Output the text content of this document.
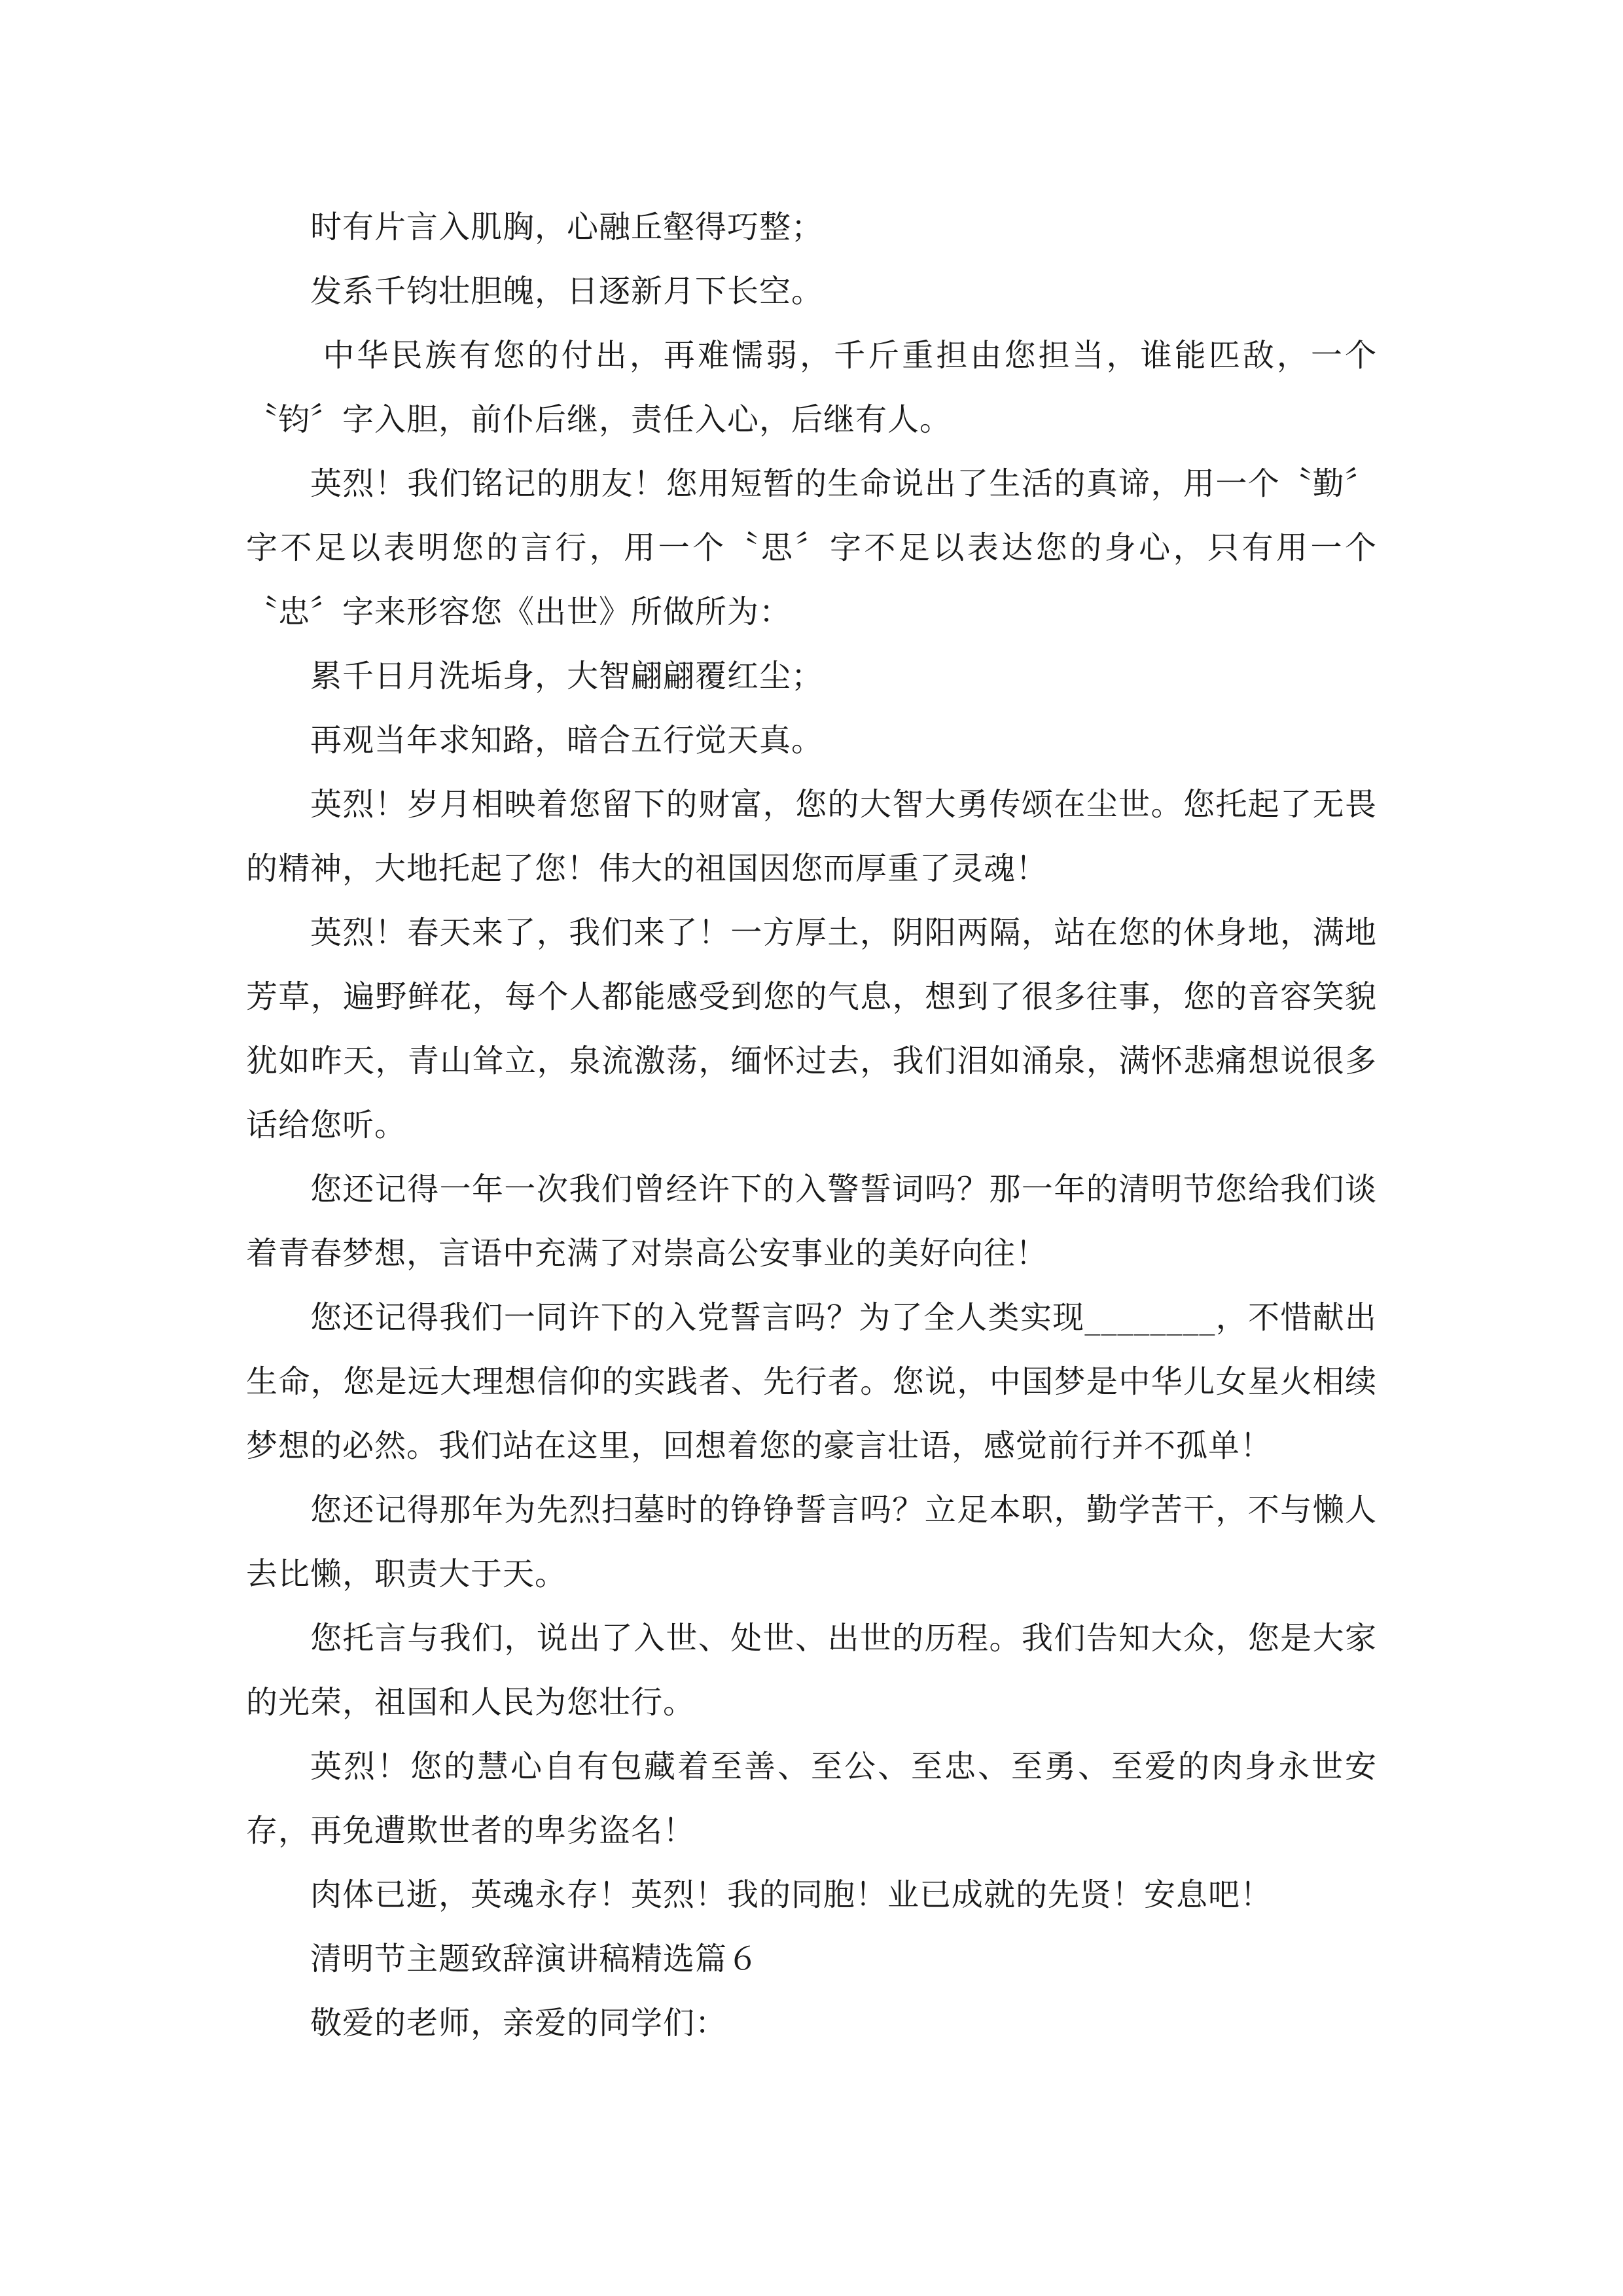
时有片言入肌胸，心融丘壑得巧整；

发系千钧壮胆魄，日逐新月下长空。

中华民族有您的付出，再难懦弱，千斤重担由您担当，谁能匹敌，一个〝钧〞字入胆，前仆后继，责任入心，后继有人。

英烈！我们铭记的朋友！您用短暂的生命说出了生活的真谛，用一个〝勤〞字不足以表明您的言行，用一个〝思〞字不足以表达您的身心，只有用一个〝忠〞字来形容您《出世》所做所为：

累千日月洗垢身，大智翩翩覆红尘；

再观当年求知路，暗合五行觉天真。

英烈！岁月相映着您留下的财富，您的大智大勇传颂在尘世。您托起了无畏的精神，大地托起了您！伟大的祖国因您而厚重了灵魂！

英烈！春天来了，我们来了！一方厚土，阴阳两隔，站在您的休身地，满地芳草，遍野鲜花，每个人都能感受到您的气息，想到了很多往事，您的音容笑貌犹如昨天，青山耸立，泉流激荡，缅怀过去，我们泪如涌泉，满怀悲痛想说很多话给您听。

您还记得一年一次我们曾经许下的入警誓词吗？那一年的清明节您给我们谈着青春梦想，言语中充满了对崇高公安事业的美好向往！

您还记得我们一同许下的入党誓言吗？为了全人类实现________，不惜献出生命，您是远大理想信仰的实践者、先行者。您说，中国梦是中华儿女星火相续梦想的必然。我们站在这里，回想着您的豪言壮语，感觉前行并不孤单！

您还记得那年为先烈扫墓时的铮铮誓言吗？立足本职，勤学苦干，不与懒人去比懒，职责大于天。

您托言与我们，说出了入世、处世、出世的历程。我们告知大众，您是大家的光荣，祖国和人民为您壮行。

英烈！您的慧心自有包藏着至善、至公、至忠、至勇、至爱的肉身永世安存，再免遭欺世者的卑劣盗名！

肉体已逝，英魂永存！英烈！我的同胞！业已成就的先贤！安息吧！

清明节主题致辞演讲稿精选篇６

敬爱的老师，亲爱的同学们：
